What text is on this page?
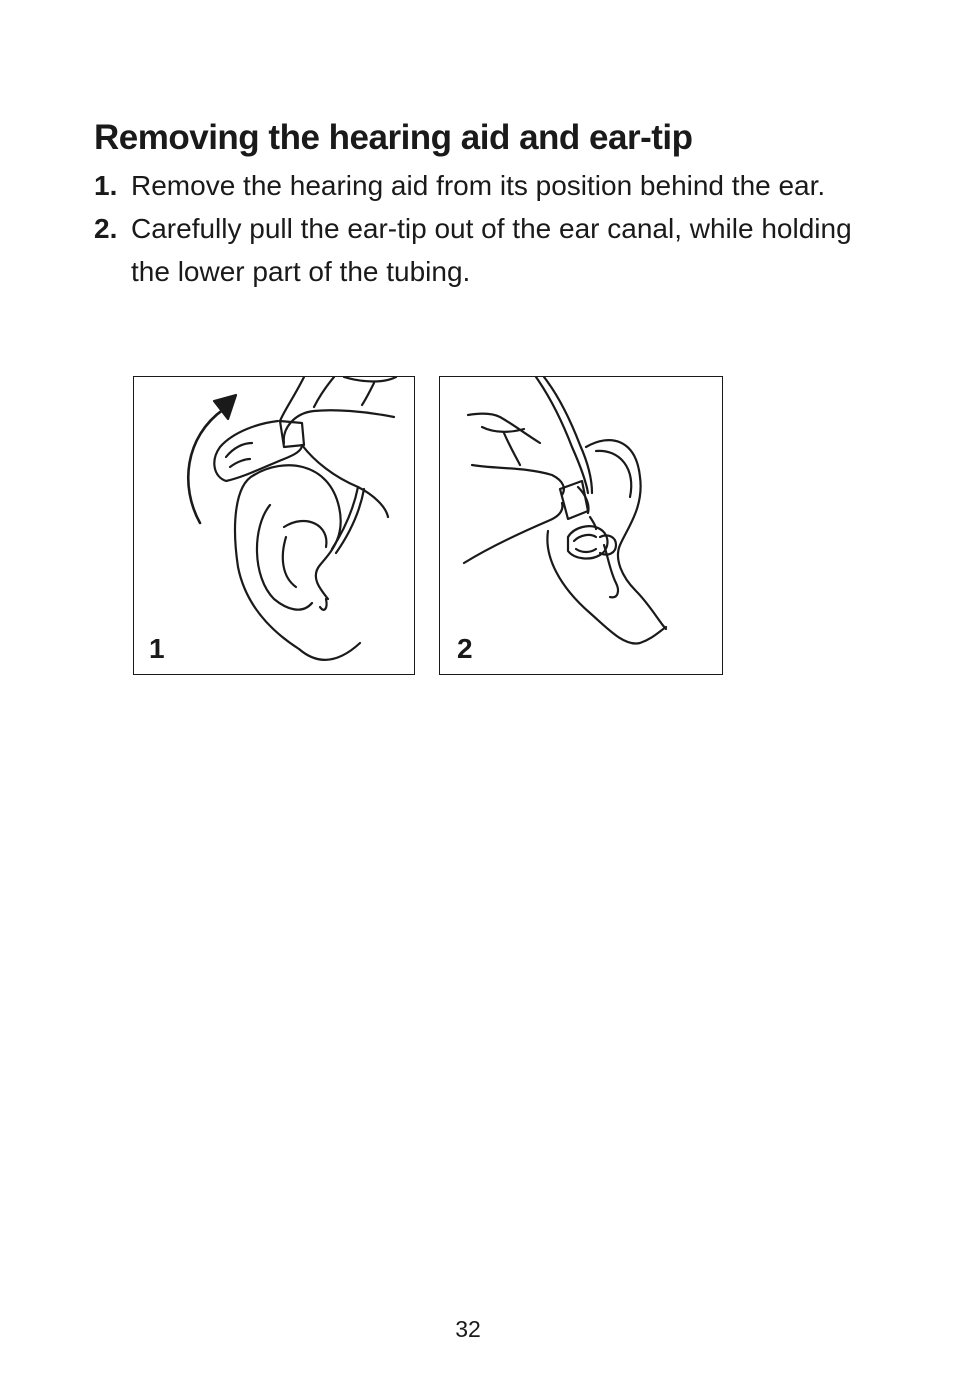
Removing the hearing aid and ear-tip
1. Remove the hearing aid from its position behind the ear.
2. Carefully pull the ear-tip out of the ear canal, while holding the lower part of the tubing.
1	2
32
